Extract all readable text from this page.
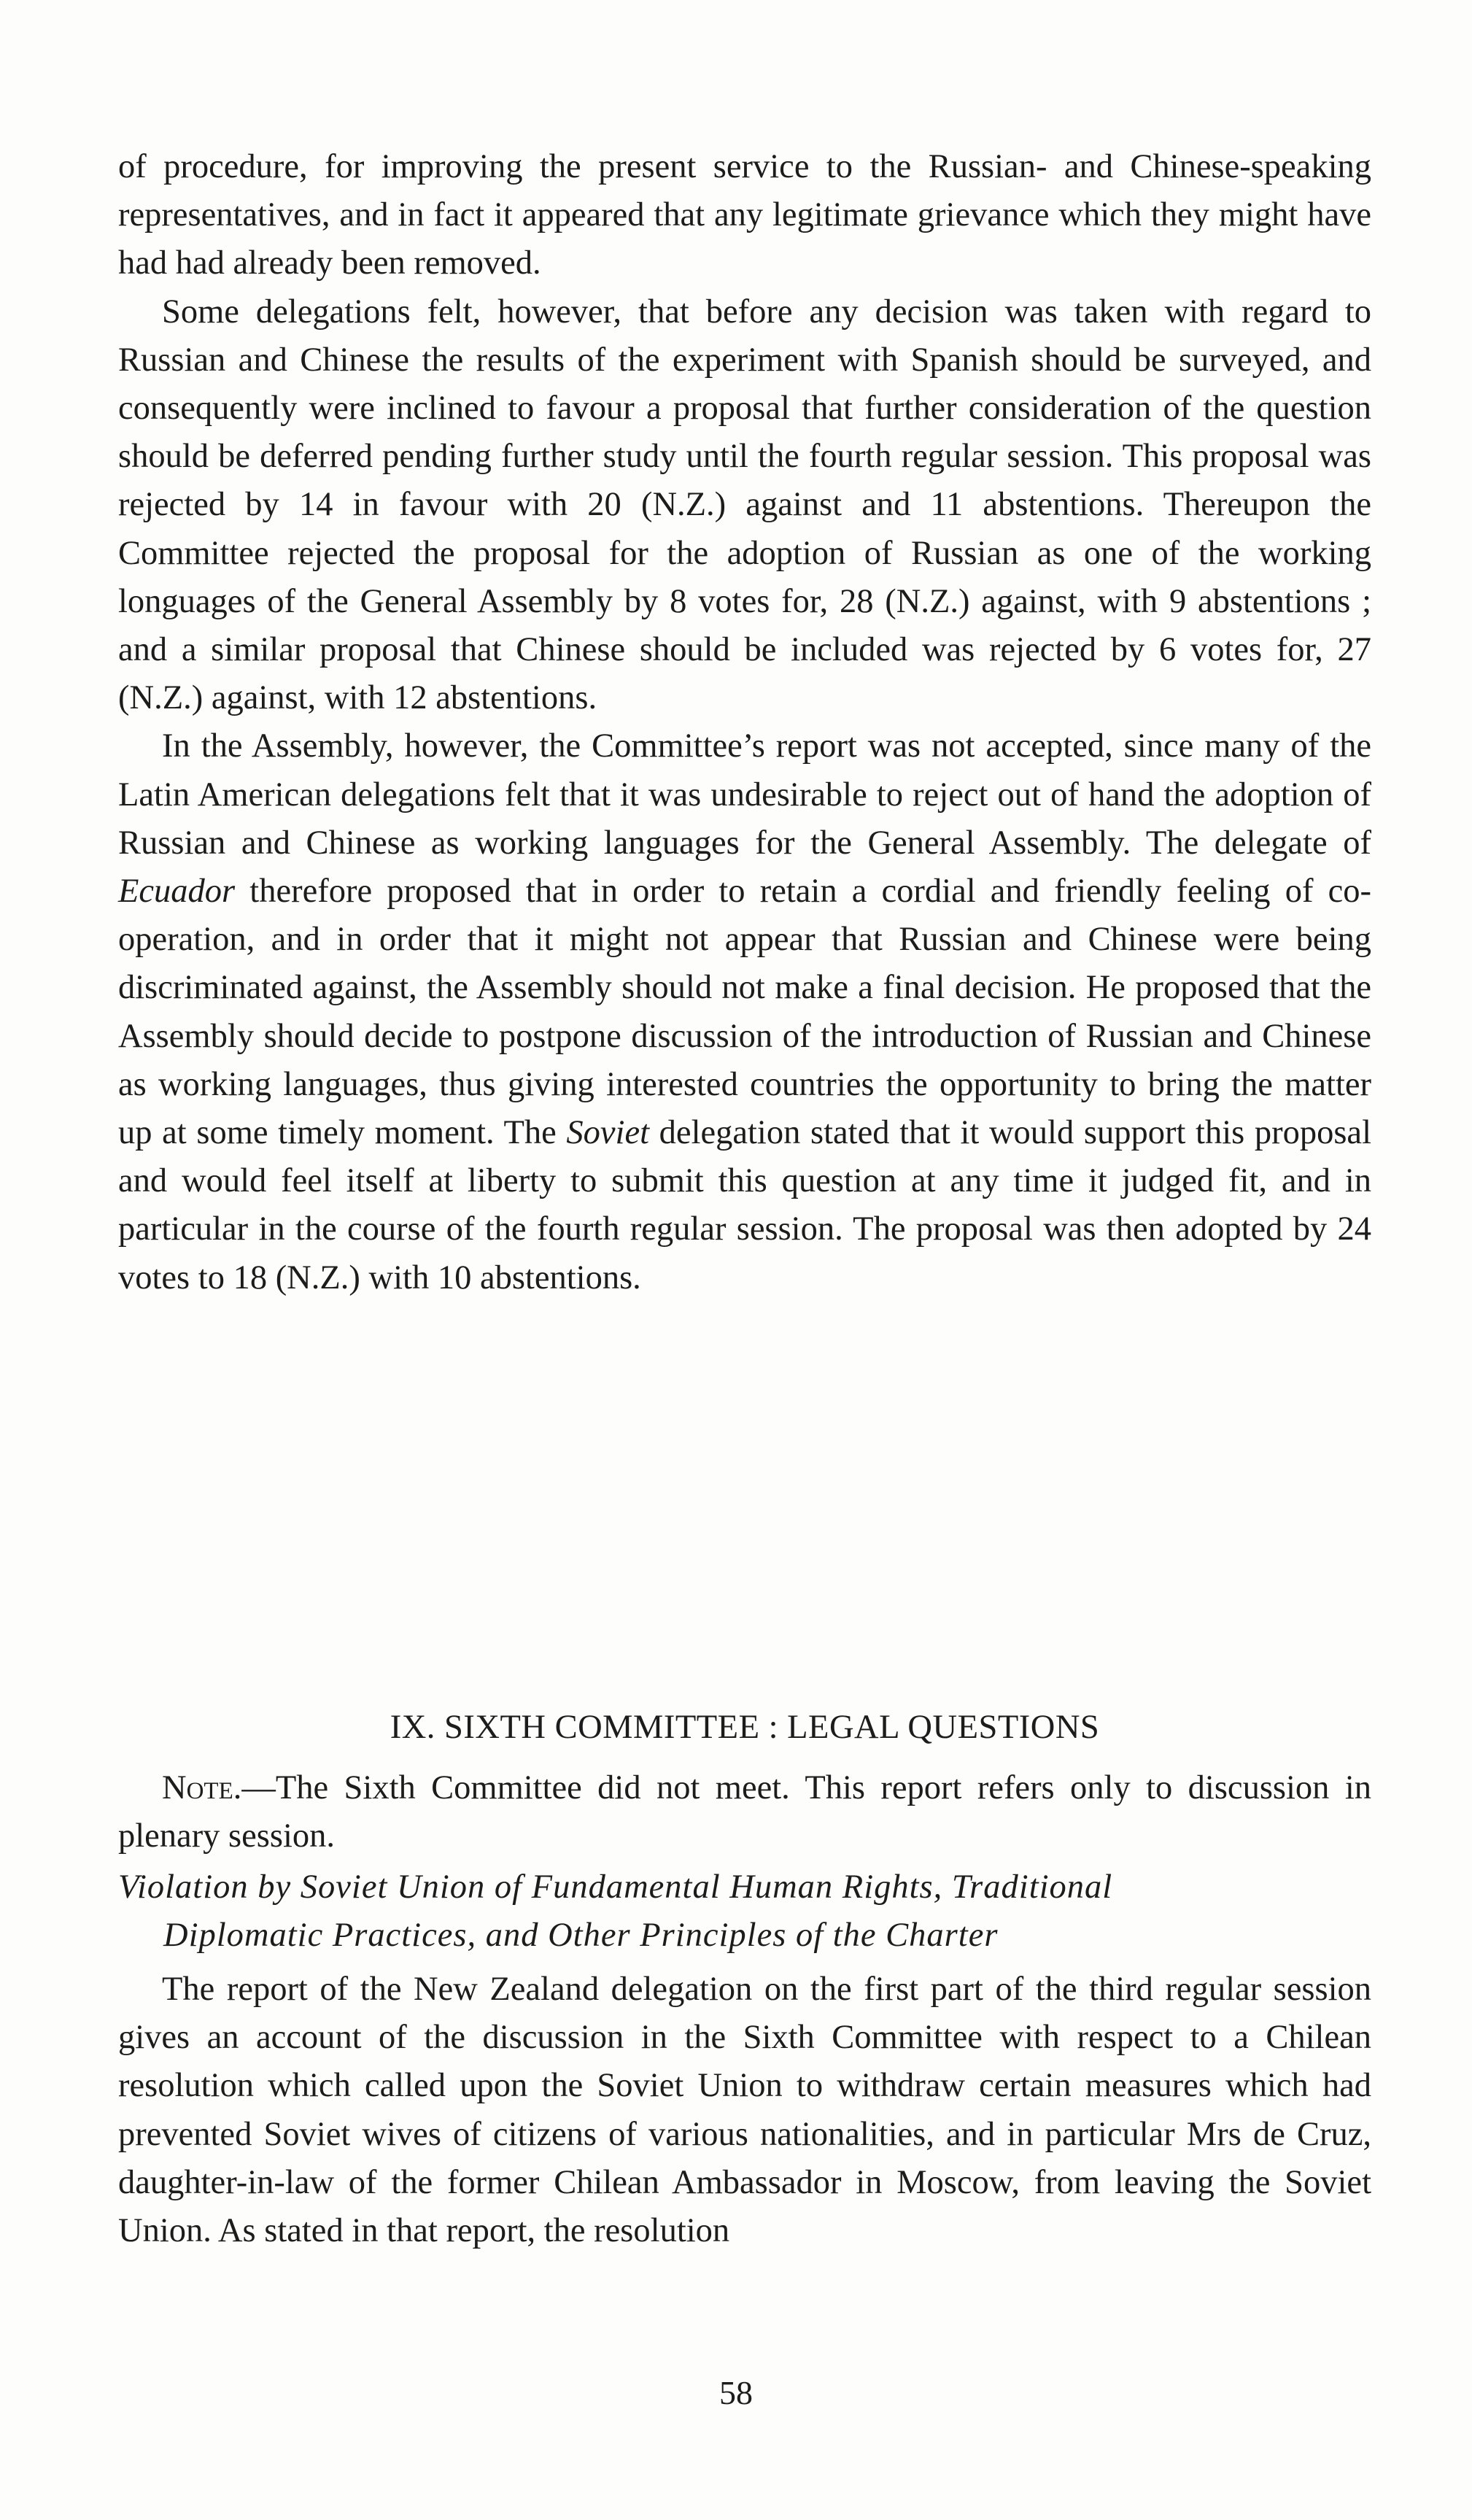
of procedure, for improving the present service to the Russian- and Chinese-speaking representatives, and in fact it appeared that any legitimate grievance which they might have had had already been removed.

Some delegations felt, however, that before any decision was taken with regard to Russian and Chinese the results of the experiment with Spanish should be surveyed, and consequently were inclined to favour a proposal that further consideration of the question should be deferred pending further study until the fourth regular session. This proposal was rejected by 14 in favour with 20 (N.Z.) against and 11 abstentions. Thereupon the Committee rejected the proposal for the adoption of Russian as one of the working longuages of the General Assembly by 8 votes for, 28 (N.Z.) against, with 9 abstentions ; and a similar proposal that Chinese should be included was rejected by 6 votes for, 27 (N.Z.) against, with 12 abstentions.

In the Assembly, however, the Committee’s report was not accepted, since many of the Latin American delegations felt that it was undesirable to reject out of hand the adoption of Russian and Chinese as working languages for the General Assembly. The delegate of Ecuador therefore proposed that in order to retain a cordial and friendly feeling of co-operation, and in order that it might not appear that Russian and Chinese were being discriminated against, the Assembly should not make a final decision. He proposed that the Assembly should decide to postpone discussion of the introduction of Russian and Chinese as working languages, thus giving interested countries the opportunity to bring the matter up at some timely moment. The Soviet delegation stated that it would support this proposal and would feel itself at liberty to submit this question at any time it judged fit, and in particular in the course of the fourth regular session. The proposal was then adopted by 24 votes to 18 (N.Z.) with 10 abstentions.

IX. SIXTH COMMITTEE : LEGAL QUESTIONS

Note.—The Sixth Committee did not meet. This report refers only to discussion in plenary session.

Violation by Soviet Union of Fundamental Human Rights, Traditional
Diplomatic Practices, and Other Principles of the Charter

The report of the New Zealand delegation on the first part of the third regular session gives an account of the discussion in the Sixth Committee with respect to a Chilean resolution which called upon the Soviet Union to withdraw certain measures which had prevented Soviet wives of citizens of various nationalities, and in particular Mrs de Cruz, daughter-in-law of the former Chilean Ambassador in Moscow, from leaving the Soviet Union. As stated in that report, the resolution

58
